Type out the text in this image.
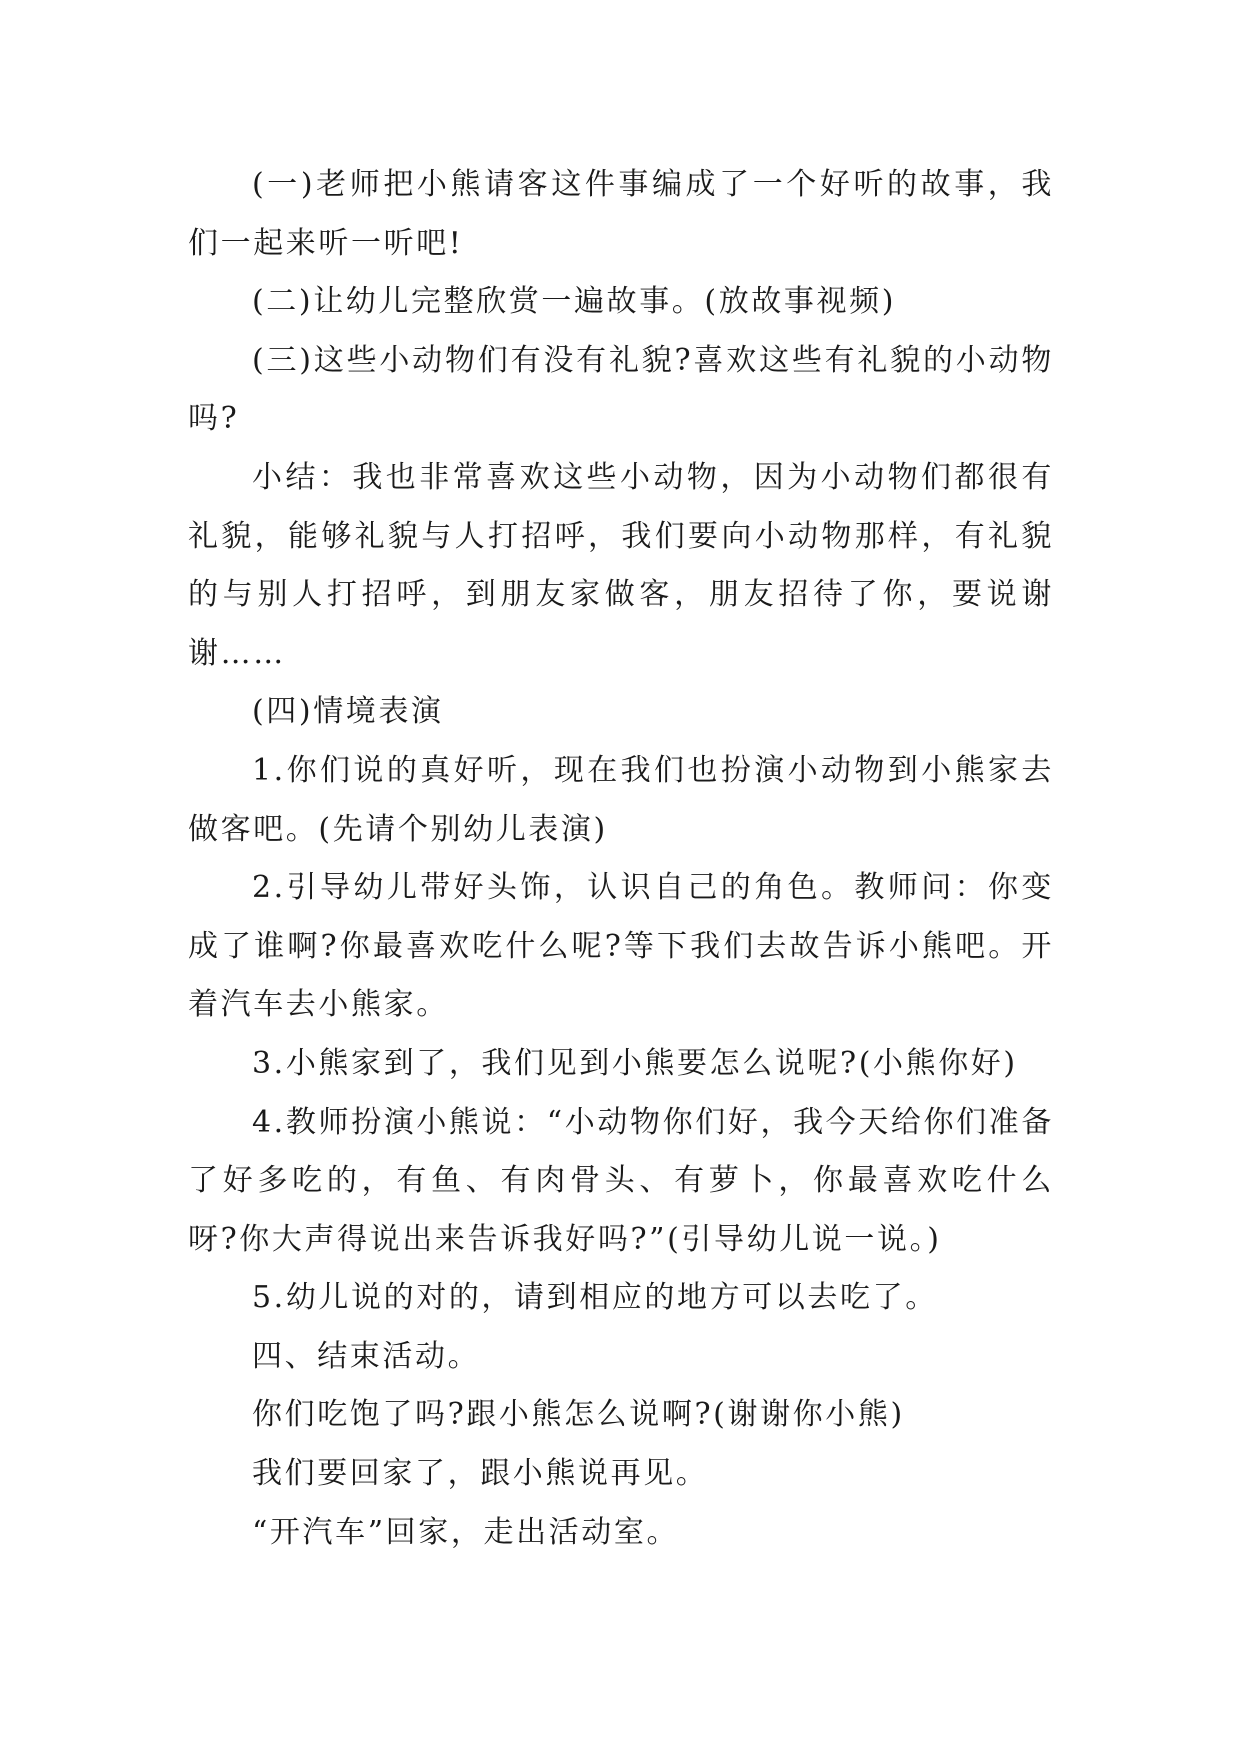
(一)老师把小熊请客这件事编成了一个好听的故事，我们一起来听一听吧!

(二)让幼儿完整欣赏一遍故事。(放故事视频)

(三)这些小动物们有没有礼貌?喜欢这些有礼貌的小动物吗?

小结：我也非常喜欢这些小动物，因为小动物们都很有礼貌，能够礼貌与人打招呼，我们要向小动物那样，有礼貌的与别人打招呼，到朋友家做客，朋友招待了你，要说谢谢……

(四)情境表演

1.你们说的真好听，现在我们也扮演小动物到小熊家去做客吧。(先请个别幼儿表演)

2.引导幼儿带好头饰，认识自己的角色。教师问：你变成了谁啊?你最喜欢吃什么呢?等下我们去故告诉小熊吧。开着汽车去小熊家。

3.小熊家到了，我们见到小熊要怎么说呢?(小熊你好)

4.教师扮演小熊说：“小动物你们好，我今天给你们准备了好多吃的，有鱼、有肉骨头、有萝卜，你最喜欢吃什么呀?你大声得说出来告诉我好吗?”(引导幼儿说一说。)

5.幼儿说的对的，请到相应的地方可以去吃了。

四、结束活动。

你们吃饱了吗?跟小熊怎么说啊?(谢谢你小熊)

我们要回家了，跟小熊说再见。

“开汽车”回家，走出活动室。
